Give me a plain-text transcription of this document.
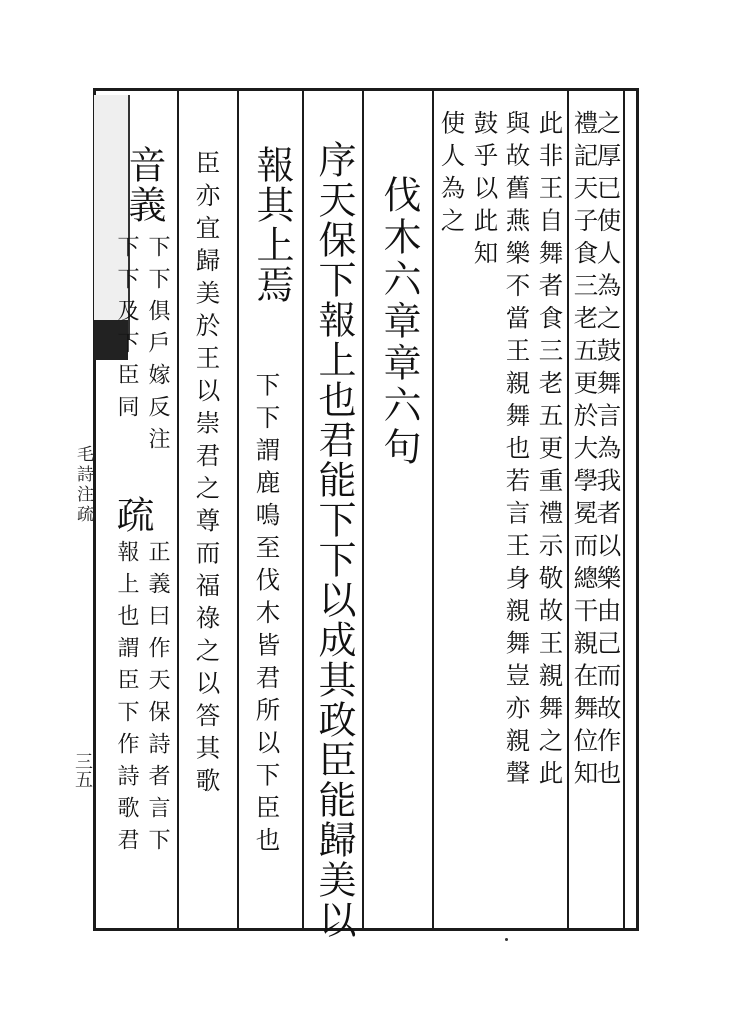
之厚已使人為之鼓舞言為我者以樂由己而故作也
禮記天子食三老五更於大學冕而總干親在舞位知
此非王自舞者食三老五更重禮示敬故王親舞之此
與故舊燕樂不當王親舞也若言王身親舞豈亦親聲
鼓乎以此知
使人為之
伐木六章章六句
序天保下報上也君能下下以成其政臣能歸美以
報其上焉
下下謂鹿鳴至伐木皆君所以下臣也
臣亦宜歸美於王以崇君之尊而福祿之以答其歌
音義
下下俱戶嫁反注
下下及下臣同
疏
正義曰作天保詩者言下
報上也謂臣下作詩歌君
毛詩注疏
三五
